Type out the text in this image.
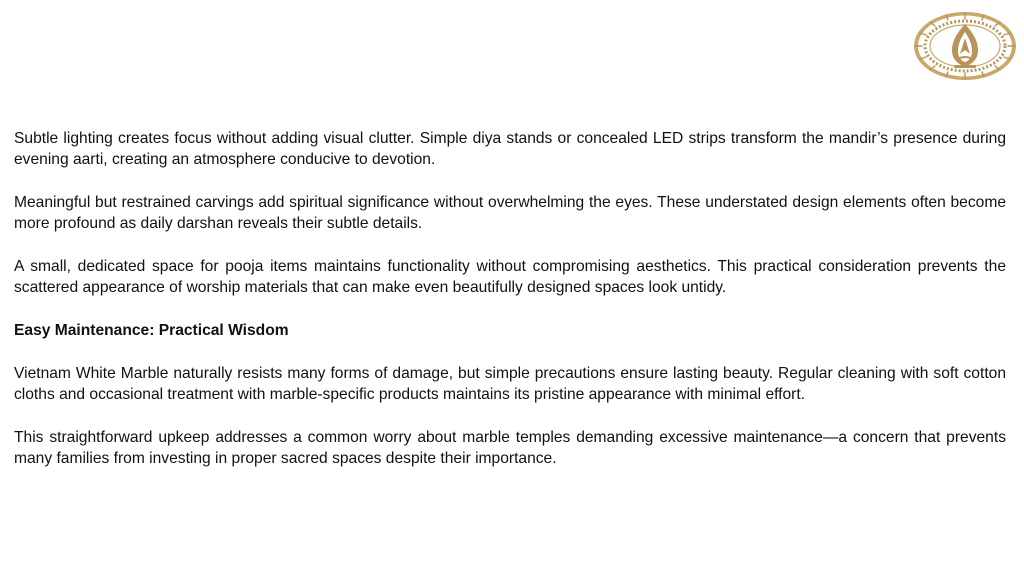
Subtle lighting creates focus without adding visual clutter. Simple diya stands or concealed LED strips transform the mandir’s presence during evening aarti, creating an atmosphere conducive to devotion.

Meaningful but restrained carvings add spiritual significance without overwhelming the eyes. These understated design elements often become more profound as daily darshan reveals their subtle details.

A small, dedicated space for pooja items maintains functionality without compromising aesthetics. This practical consideration prevents the scattered appearance of worship materials that can make even beautifully designed spaces look untidy.

Easy Maintenance: Practical Wisdom

Vietnam White Marble naturally resists many forms of damage, but simple precautions ensure lasting beauty. Regular cleaning with soft cotton cloths and occasional treatment with marble-specific products maintains its pristine appearance with minimal effort.

This straightforward upkeep addresses a common worry about marble temples demanding excessive maintenance—a concern that prevents many families from investing in proper sacred spaces despite their importance.
